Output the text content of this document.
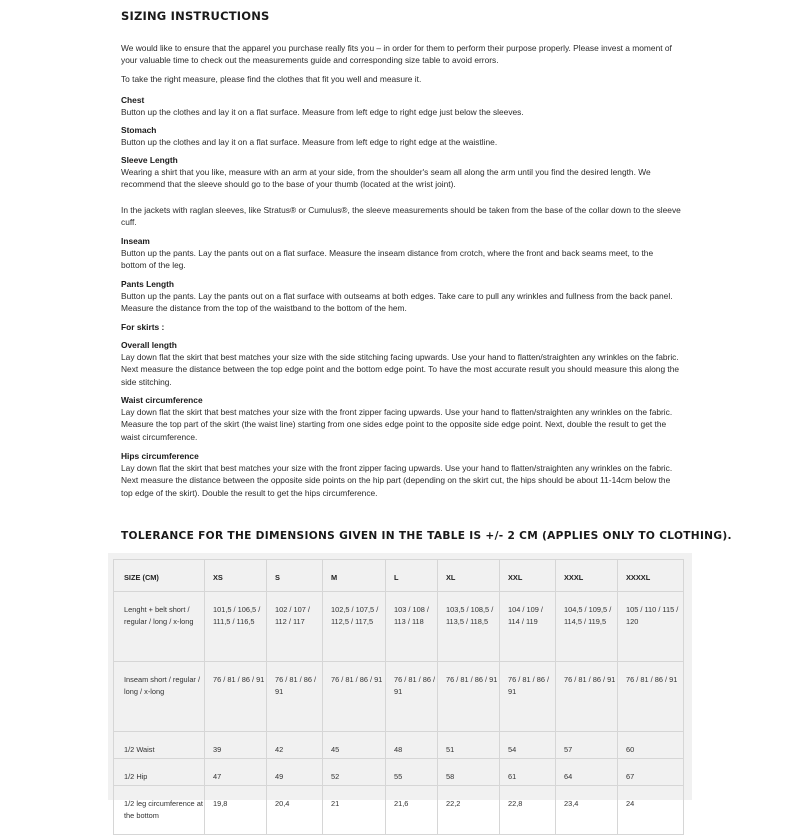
SIZING INSTRUCTIONS

We would like to ensure that the apparel you purchase really fits you – in order for them to perform their purpose properly. Please invest a moment of your valuable time to check out the measurements guide and corresponding size table to avoid errors.

To take the right measure, please find the clothes that fit you well and measure it.

Chest

Button up the clothes and lay it on a flat surface. Measure from left edge to right edge just below the sleeves.

Stomach

Button up the clothes and lay it on a flat surface. Measure from left edge to right edge at the waistline.

Sleeve Length

Wearing a shirt that you like, measure with an arm at your side, from the shoulder's seam all along the arm until you find the desired length. We recommend that the sleeve should go to the base of your thumb (located at the wrist joint).

In the jackets with raglan sleeves, like Stratus® or Cumulus®, the sleeve measurements should be taken from the base of the collar down to the sleeve cuff.

Inseam

Button up the pants. Lay the pants out on a flat surface. Measure the inseam distance from crotch, where the front and back seams meet, to the bottom of the leg.

Pants Length

Button up the pants. Lay the pants out on a flat surface with outseams at both edges. Take care to pull any wrinkles and fullness from the back panel. Measure the distance from the top of the waistband to the bottom of the hem.

For skirts :
Overall length

Lay down flat the skirt that best matches your size with the side stitching facing upwards. Use your hand to flatten/straighten any wrinkles on the fabric. Next measure the distance between the top edge point and the bottom edge point. To have the most accurate result you should measure this along the side stitching.

Waist circumference

Lay down flat the skirt that best matches your size with the front zipper facing upwards. Use your hand to flatten/straighten any wrinkles on the fabric. Measure the top part of the skirt (the waist line) starting from one sides edge point to the opposite side edge point. Next, double the result to get the waist circumference.

Hips circumference

Lay down flat the skirt that best matches your size with the front zipper facing upwards. Use your hand to flatten/straighten any wrinkles on the fabric. Next measure the distance between the opposite side points on the hip part (depending on the skirt cut, the hips should be about 11-14cm below the top edge of the skirt). Double the result to get the hips circumference.

TOLERANCE FOR THE DIMENSIONS GIVEN IN THE TABLE IS +/- 2 CM (APPLIES ONLY TO CLOTHING).
SIZE (CM)	XS	S	M	L	XL	XXL	XXXL	XXXXL
Lenght + belt short / regular / long / x-long	101,5 / 106,5 / 111,5 / 116,5	102 / 107 / 112 / 117	102,5 / 107,5 / 112,5 / 117,5	103 / 108 / 113 / 118	103,5 / 108,5 / 113,5 / 118,5	104 / 109 / 114 / 119	104,5 / 109,5 / 114,5 / 119,5	105 / 110 / 115 / 120
Inseam short / regular / long / x-long	76 / 81 / 86 / 91	76 / 81 / 86 / 91	76 / 81 / 86 / 91	76 / 81 / 86 / 91	76 / 81 / 86 / 91	76 / 81 / 86 / 91	76 / 81 / 86 / 91	76 / 81 / 86 / 91
1/2 Waist	39	42	45	48	51	54	57	60
1/2 Hip	47	49	52	55	58	61	64	67
1/2 leg circumference at the bottom	19,8	20,4	21	21,6	22,2	22,8	23,4	24
